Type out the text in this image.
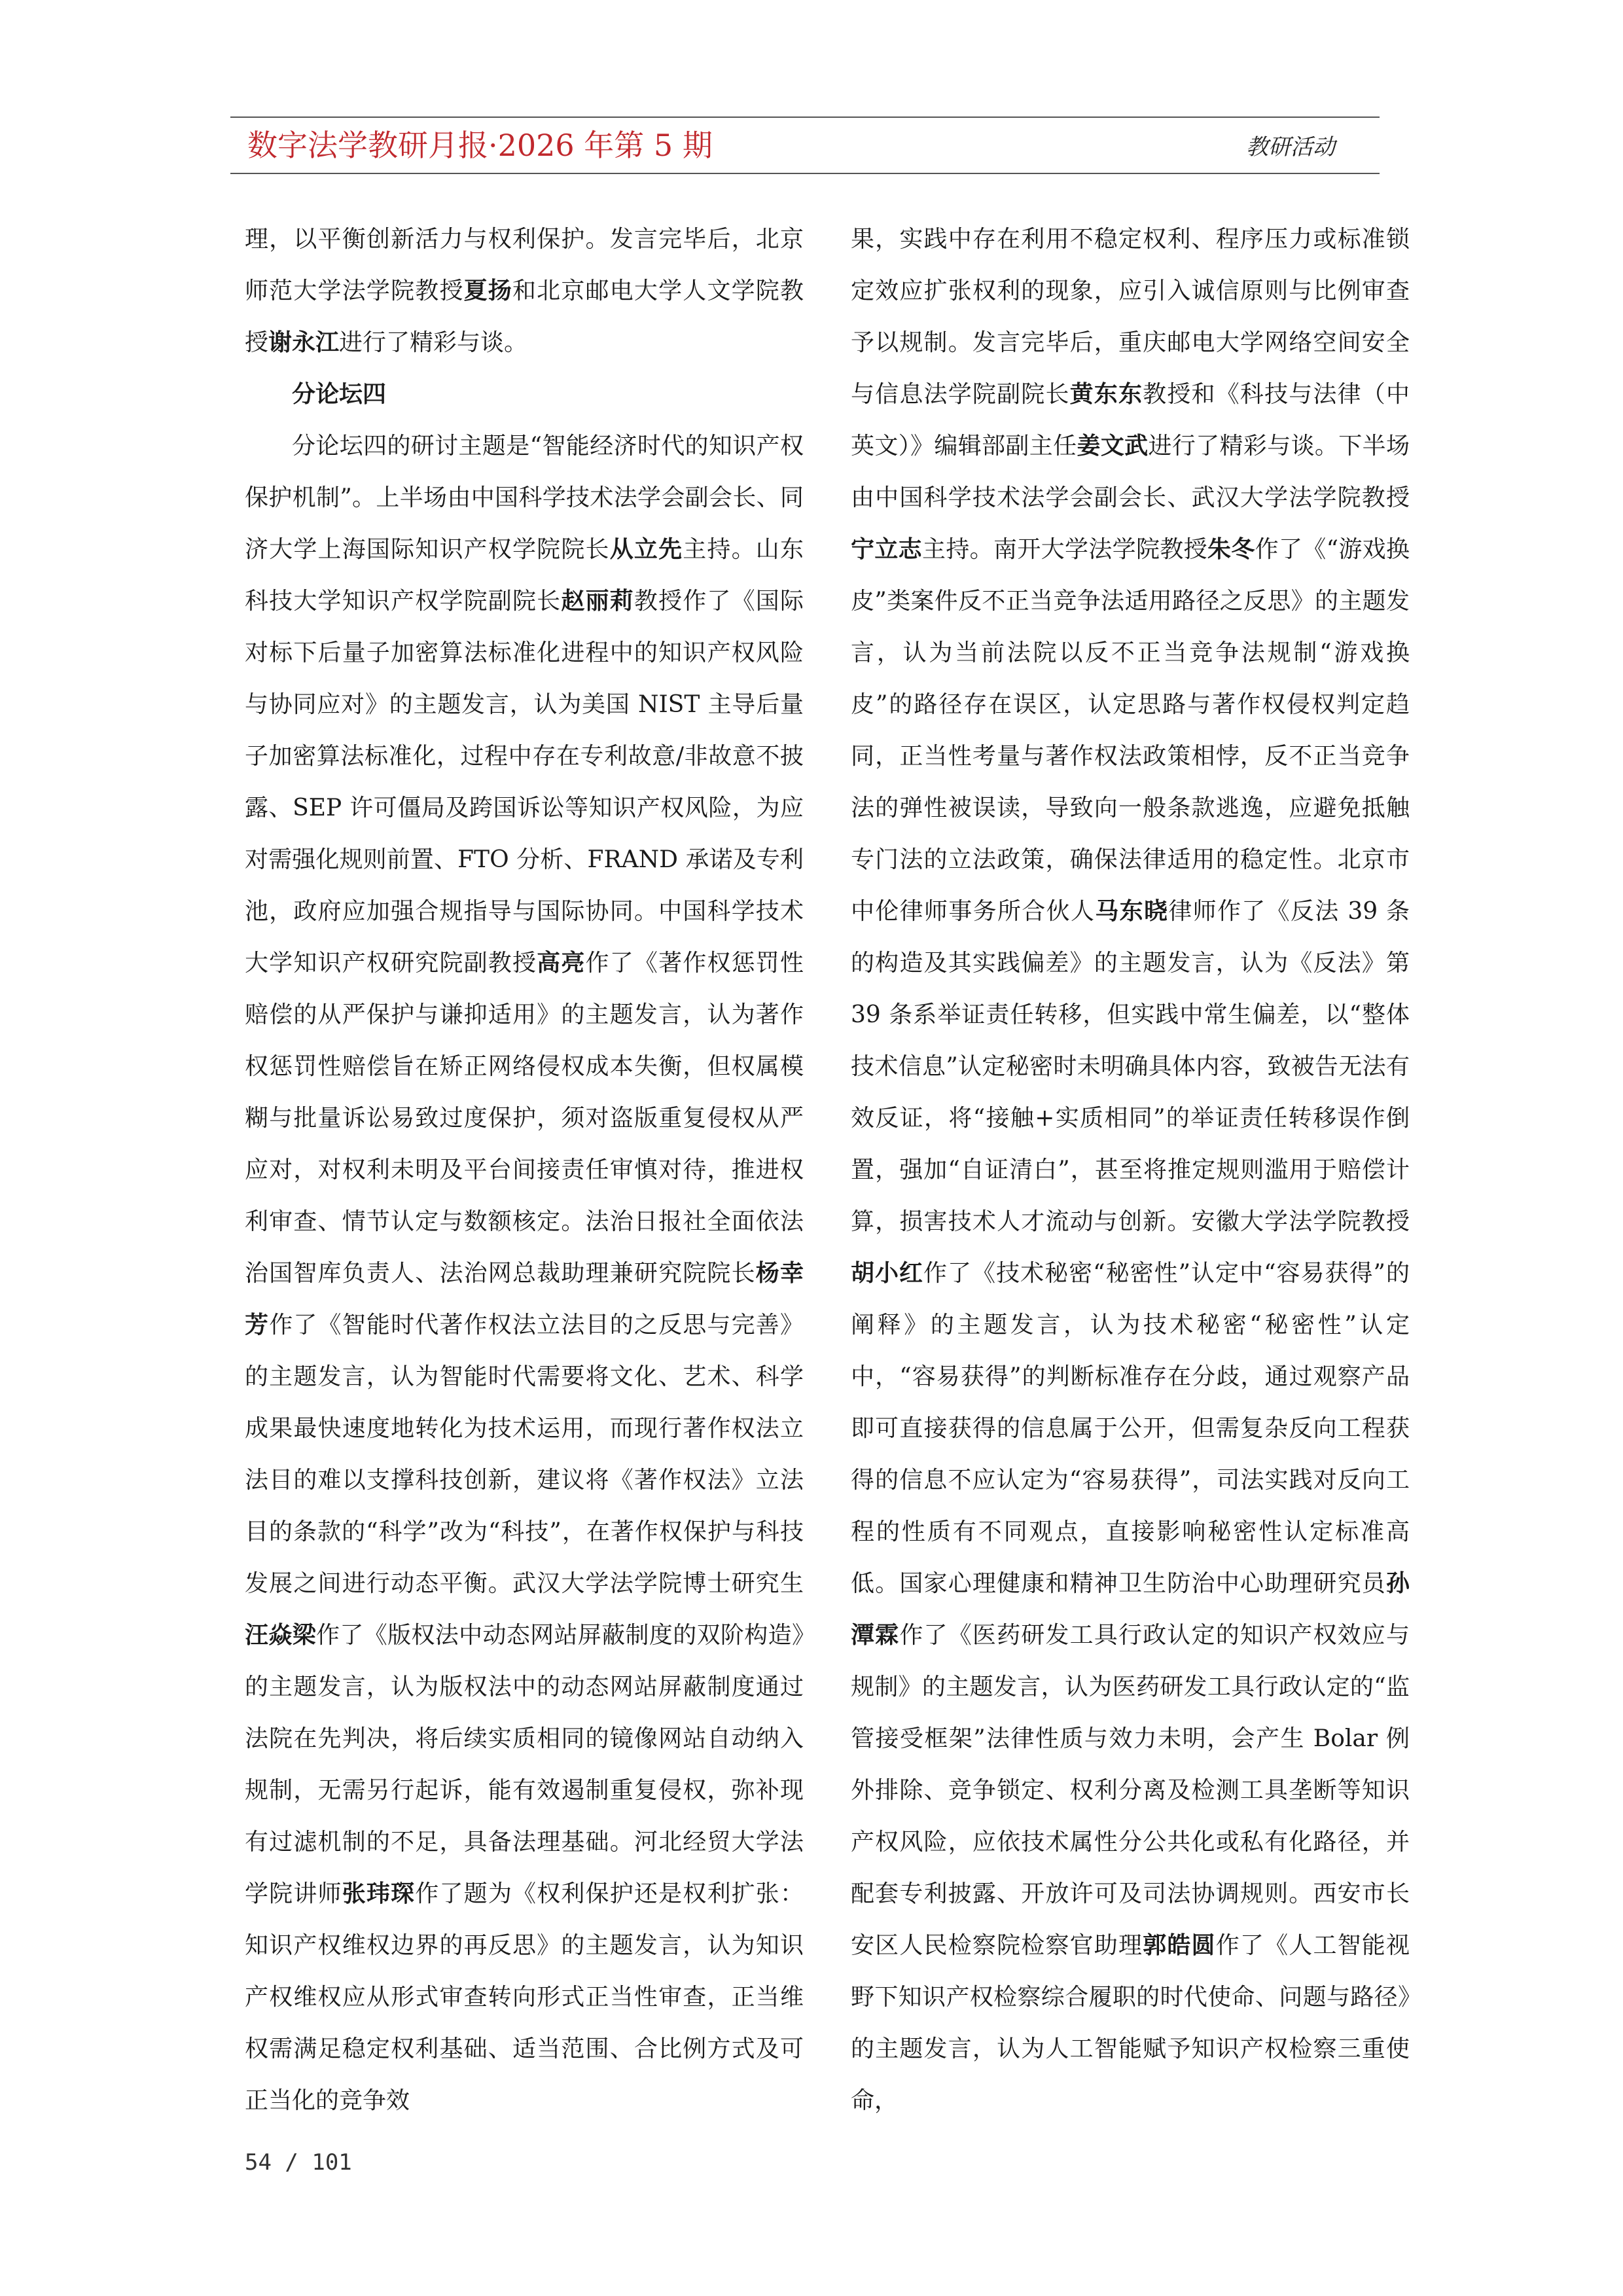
数字法学教研月报·2026 年第 5 期	教研活动

理，以平衡创新活力与权利保护。发言完毕后，北京师范大学法学院教授夏扬和北京邮电大学人文学院教授谢永江进行了精彩与谈。

分论坛四

分论坛四的研讨主题是“智能经济时代的知识产权保护机制”。上半场由中国科学技术法学会副会长、同济大学上海国际知识产权学院院长从立先主持。山东科技大学知识产权学院副院长赵丽莉教授作了《国际对标下后量子加密算法标准化进程中的知识产权风险与协同应对》的主题发言，认为美国 NIST 主导后量子加密算法标准化，过程中存在专利故意/非故意不披露、SEP 许可僵局及跨国诉讼等知识产权风险，为应对需强化规则前置、FTO 分析、FRAND 承诺及专利池，政府应加强合规指导与国际协同。中国科学技术大学知识产权研究院副教授高亮作了《著作权惩罚性赔偿的从严保护与谦抑适用》的主题发言，认为著作权惩罚性赔偿旨在矫正网络侵权成本失衡，但权属模糊与批量诉讼易致过度保护，须对盗版重复侵权从严应对，对权利未明及平台间接责任审慎对待，推进权利审查、情节认定与数额核定。法治日报社全面依法治国智库负责人、法治网总裁助理兼研究院院长杨幸芳作了《智能时代著作权法立法目的之反思与完善》的主题发言，认为智能时代需要将文化、艺术、科学成果最快速度地转化为技术运用，而现行著作权法立法目的难以支撑科技创新，建议将《著作权法》立法目的条款的“科学”改为“科技”，在著作权保护与科技发展之间进行动态平衡。武汉大学法学院博士研究生汪焱梁作了《版权法中动态网站屏蔽制度的双阶构造》的主题发言，认为版权法中的动态网站屏蔽制度通过法院在先判决，将后续实质相同的镜像网站自动纳入规制，无需另行起诉，能有效遏制重复侵权，弥补现有过滤机制的不足，具备法理基础。河北经贸大学法学院讲师张玮琛作了题为《权利保护还是权利扩张：知识产权维权边界的再反思》的主题发言，认为知识产权维权应从形式审查转向形式正当性审查，正当维权需满足稳定权利基础、适当范围、合比例方式及可正当化的竞争效

果，实践中存在利用不稳定权利、程序压力或标准锁定效应扩张权利的现象，应引入诚信原则与比例审查予以规制。发言完毕后，重庆邮电大学网络空间安全与信息法学院副院长黄东东教授和《科技与法律（中英文）》编辑部副主任姜文武进行了精彩与谈。下半场由中国科学技术法学会副会长、武汉大学法学院教授宁立志主持。南开大学法学院教授朱冬作了《“游戏换皮”类案件反不正当竞争法适用路径之反思》的主题发言，认为当前法院以反不正当竞争法规制“游戏换皮”的路径存在误区，认定思路与著作权侵权判定趋同，正当性考量与著作权法政策相悖，反不正当竞争法的弹性被误读，导致向一般条款逃逸，应避免抵触专门法的立法政策，确保法律适用的稳定性。北京市中伦律师事务所合伙人马东晓律师作了《反法 39 条的构造及其实践偏差》的主题发言，认为《反法》第 39 条系举证责任转移，但实践中常生偏差，以“整体技术信息”认定秘密时未明确具体内容，致被告无法有效反证，将“接触+实质相同”的举证责任转移误作倒置，强加“自证清白”，甚至将推定规则滥用于赔偿计算，损害技术人才流动与创新。安徽大学法学院教授胡小红作了《技术秘密“秘密性”认定中“容易获得”的阐释》的主题发言，认为技术秘密“秘密性”认定中，“容易获得”的判断标准存在分歧，通过观察产品即可直接获得的信息属于公开，但需复杂反向工程获得的信息不应认定为“容易获得”，司法实践对反向工程的性质有不同观点，直接影响秘密性认定标准高低。国家心理健康和精神卫生防治中心助理研究员孙潭霖作了《医药研发工具行政认定的知识产权效应与规制》的主题发言，认为医药研发工具行政认定的“监管接受框架”法律性质与效力未明，会产生 Bolar 例外排除、竞争锁定、权利分离及检测工具垄断等知识产权风险，应依技术属性分公共化或私有化路径，并配套专利披露、开放许可及司法协调规则。西安市长安区人民检察院检察官助理郭皓圆作了《人工智能视野下知识产权检察综合履职的时代使命、问题与路径》的主题发言，认为人工智能赋予知识产权检察三重使命，

54 / 101
